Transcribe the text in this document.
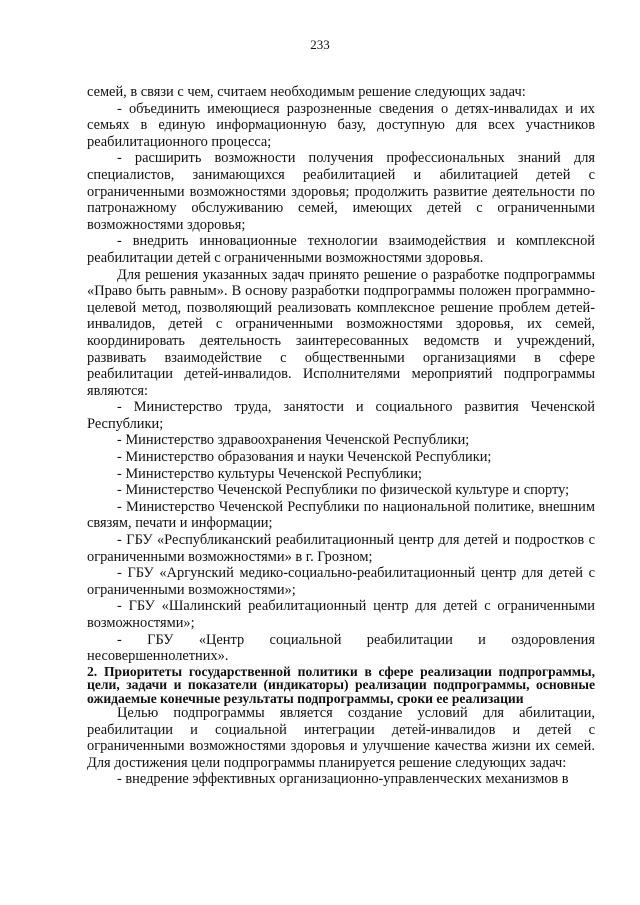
233

семей, в связи с чем, считаем необходимым решение следующих задач:

- объединить имеющиеся разрозненные сведения о детях-инвалидах и их семьях в единую информационную базу, доступную для всех участников реабилитационного процесса;

- расширить возможности получения профессиональных знаний для специалистов, занимающихся реабилитацией и абилитацией детей с ограниченными возможностями здоровья; продолжить развитие деятельности по патронажному обслуживанию семей, имеющих детей с ограниченными возможностями здоровья;

- внедрить инновационные технологии взаимодействия и комплексной реабилитации детей с ограниченными возможностями здоровья.

Для решения указанных задач принято решение о разработке подпрограммы «Право быть равным». В основу разработки подпрограммы положен программно-целевой метод, позволяющий реализовать комплексное решение проблем детей-инвалидов, детей с ограниченными возможностями здоровья, их семей, координировать деятельность заинтересованных ведомств и учреждений, развивать взаимодействие с общественными организациями в сфере реабилитации детей-инвалидов. Исполнителями мероприятий подпрограммы являются:

- Министерство труда, занятости и социального развития Чеченской Республики;

- Министерство здравоохранения Чеченской Республики;

- Министерство образования и науки Чеченской Республики;

- Министерство культуры Чеченской Республики;

- Министерство Чеченской Республики по физической культуре и спорту;

- Министерство Чеченской Республики по национальной политике, внешним связям, печати и информации;

- ГБУ «Республиканский реабилитационный центр для детей и подростков с ограниченными возможностями» в г. Грозном;

- ГБУ «Аргунский медико-социально-реабилитационный центр для детей с ограниченными возможностями»;

- ГБУ «Шалинский реабилитационный центр для детей с ограниченными возможностями»;

- ГБУ «Центр социальной реабилитации и оздоровления несовершеннолетних».

2. Приоритеты государственной политики в сфере реализации подпрограммы, цели, задачи и показатели (индикаторы) реализации подпрограммы, основные ожидаемые конечные результаты подпрограммы, сроки ее реализации

Целью подпрограммы является создание условий для абилитации, реабилитации и социальной интеграции детей-инвалидов и детей с ограниченными возможностями здоровья и улучшение качества жизни их семей. Для достижения цели подпрограммы планируется решение следующих задач:

- внедрение эффективных организационно-управленческих механизмов в
